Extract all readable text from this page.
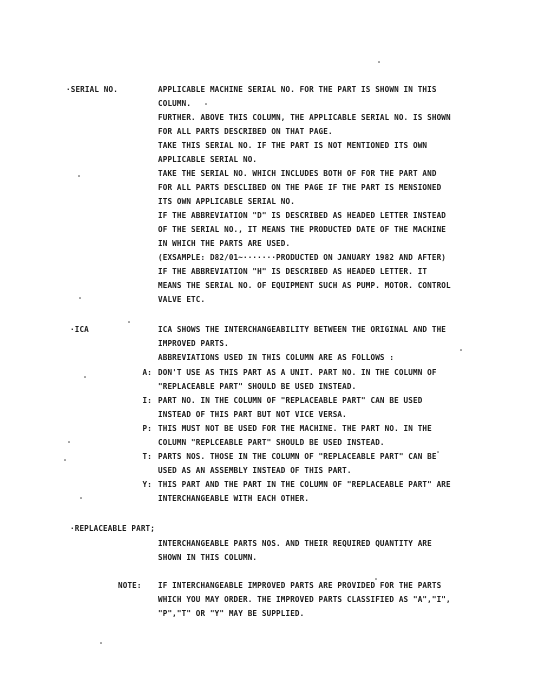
·SERIAL NO.	APPLICABLE MACHINE SERIAL NO. FOR THE PART IS SHOWN IN THIS
COLUMN.
FURTHER. ABOVE THIS COLUMN, THE APPLICABLE SERIAL NO. IS SHOWN
FOR ALL PARTS DESCRIBED ON THAT PAGE.
TAKE THIS SERIAL NO. IF THE PART IS NOT MENTIONED ITS OWN
APPLICABLE SERIAL NO.
TAKE THE SERIAL NO. WHICH INCLUDES BOTH OF FOR THE PART AND
FOR ALL PARTS DESCLIBED ON THE PAGE IF THE PART IS MENSIONED
ITS OWN APPLICABLE SERIAL NO.
IF THE ABBREVIATION "D" IS DESCRIBED AS HEADED LETTER INSTEAD
OF THE SERIAL NO., IT MEANS THE PRODUCTED DATE OF THE MACHINE
IN WHICH THE PARTS ARE USED.
(EXSAMPLE: D82/01~·······PRODUCTED ON JANUARY 1982 AND AFTER)
IF THE ABBREVIATION "H" IS DESCRIBED AS HEADED LETTER. IT
MEANS THE SERIAL NO. OF EQUIPMENT SUCH AS PUMP. MOTOR. CONTROL
VALVE ETC.
·ICA	ICA SHOWS THE INTERCHANGEABILITY BETWEEN THE ORIGINAL AND THE
IMPROVED PARTS.
ABBREVIATIONS USED IN THIS COLUMN ARE AS FOLLOWS :
A: DON'T USE AS THIS PART AS A UNIT. PART NO. IN THE COLUMN OF
"REPLACEABLE PART" SHOULD BE USED INSTEAD.
I: PART NO. IN THE COLUMN OF "REPLACEABLE PART" CAN BE USED
INSTEAD OF THIS PART BUT NOT VICE VERSA.
P: THIS MUST NOT BE USED FOR THE MACHINE. THE PART NO. IN THE
COLUMN "REPLCEABLE PART" SHOULD BE USED INSTEAD.
T: PARTS NOS. THOSE IN THE COLUMN OF "REPLACEABLE PART" CAN BE
USED AS AN ASSEMBLY INSTEAD OF THIS PART.
Y: THIS PART AND THE PART IN THE COLUMN OF "REPLACEABLE PART" ARE
INTERCHANGEABLE WITH EACH OTHER.
·REPLACEABLE PART;
INTERCHANGEABLE PARTS NOS. AND THEIR REQUIRED QUANTITY ARE
SHOWN IN THIS COLUMN.
NOTE: IF INTERCHANGEABLE IMPROVED PARTS ARE PROVIDED FOR THE PARTS
WHICH YOU MAY ORDER. THE IMPROVED PARTS CLASSIFIED AS "A","I",
"P","T" OR "Y" MAY BE SUPPLIED.
